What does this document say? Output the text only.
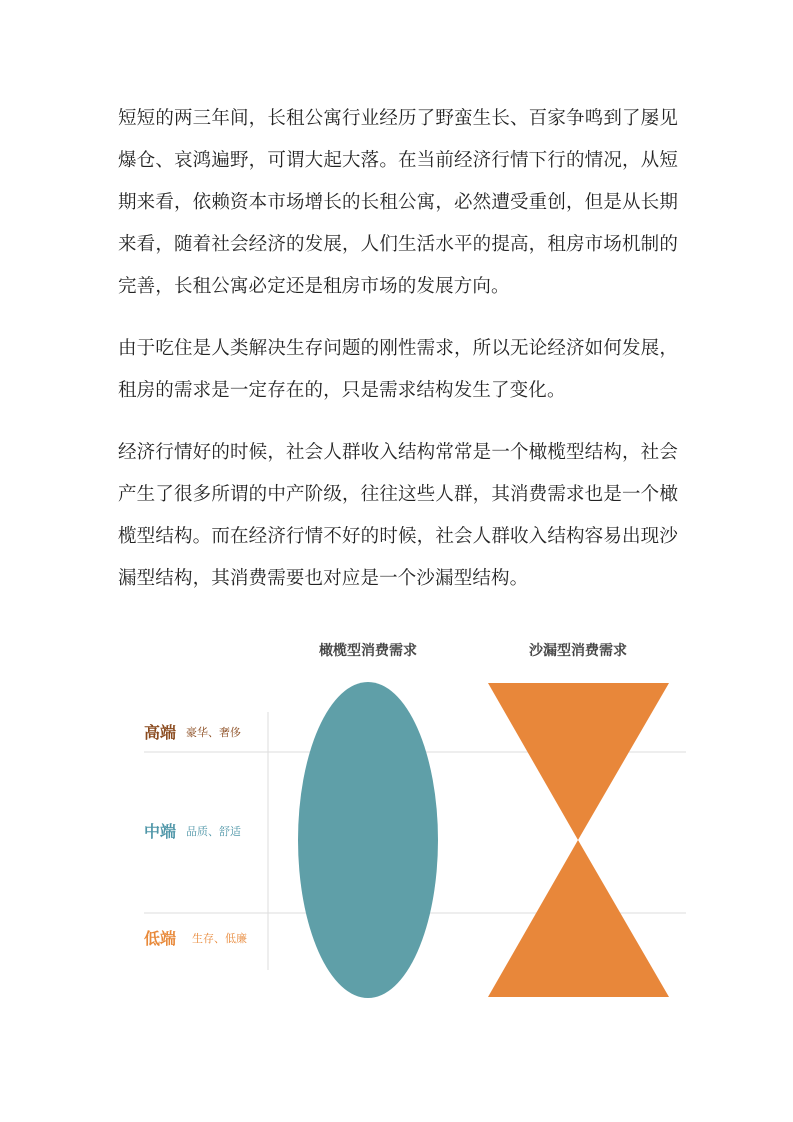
短短的两三年间，长租公寓行业经历了野蛮生长、百家争鸣到了屡见爆仓、哀鸿遍野，可谓大起大落。在当前经济行情下行的情况，从短期来看，依赖资本市场增长的长租公寓，必然遭受重创，但是从长期来看，随着社会经济的发展，人们生活水平的提高，租房市场机制的完善，长租公寓必定还是租房市场的发展方向。

由于吃住是人类解决生存问题的刚性需求，所以无论经济如何发展，租房的需求是一定存在的，只是需求结构发生了变化。

经济行情好的时候，社会人群收入结构常常是一个橄榄型结构，社会产生了很多所谓的中产阶级，往往这些人群，其消费需求也是一个橄榄型结构。而在经济行情不好的时候，社会人群收入结构容易出现沙漏型结构，其消费需要也对应是一个沙漏型结构。

橄榄型消费需求	沙漏型消费需求
高端 豪华、奢侈
中端 品质、舒适
低端 生存、低廉
